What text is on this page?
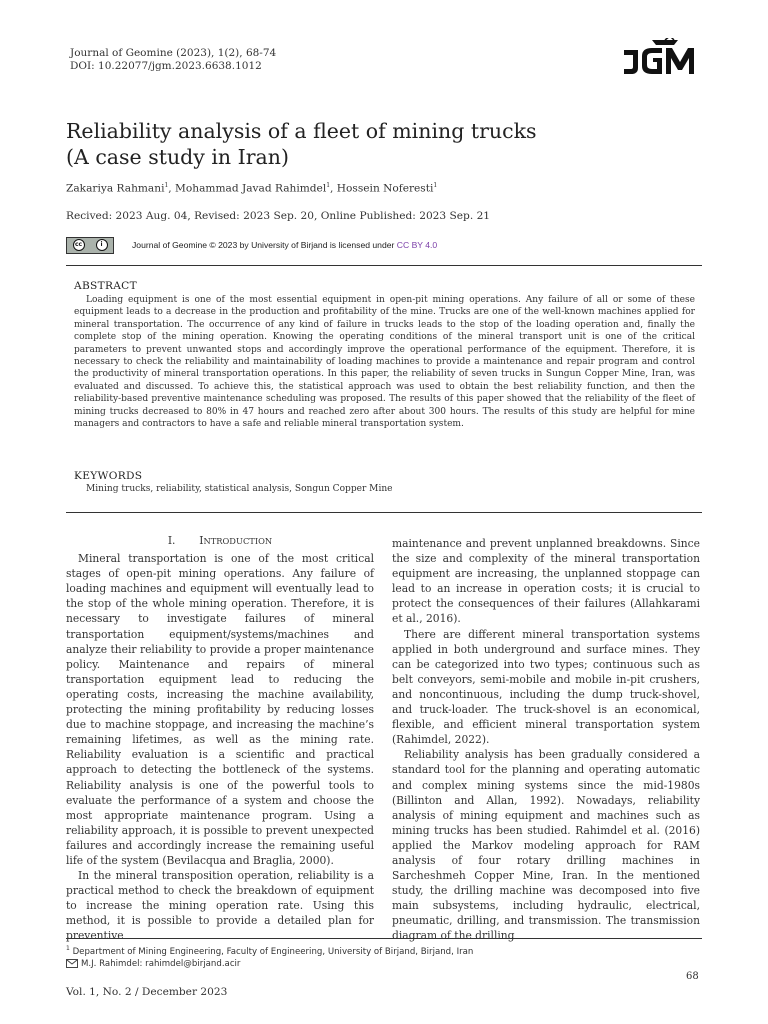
Journal of Geomine (2023), 1(2), 68-74
DOI: 10.22077/jgm.2023.6638.1012
Reliability analysis of a fleet of mining trucks
(A case study in Iran)
Zakariya Rahmani$^1$, Mohammad Javad Rahimdel$^1$, Hossein Noferesti$^1$
Recived: 2023 Aug. 04, Revised: 2023 Sep. 20, Online Published: 2023 Sep. 21
cc	i	Journal of Geomine © 2023 by University of Birjand is licensed under CC BY 4.0
ABSTRACT
Loading equipment is one of the most essential equipment in open-pit mining operations. Any failure of all or some of these equipment leads to a decrease in the production and profitability of the mine. Trucks are one of the well-known machines applied for mineral transportation. The occurrence of any kind of failure in trucks leads to the stop of the loading operation and, finally the complete stop of the mining operation. Knowing the operating conditions of the mineral transport unit is one of the critical parameters to prevent unwanted stops and accordingly improve the operational performance of the equipment. Therefore, it is necessary to check the reliability and maintainability of loading machines to provide a maintenance and repair program and control the productivity of mineral transportation operations. In this paper, the reliability of seven trucks in Sungun Copper Mine, Iran, was evaluated and discussed. To achieve this, the statistical approach was used to obtain the best reliability function, and then the reliability-based preventive maintenance scheduling was proposed. The results of this paper showed that the reliability of the fleet of mining trucks decreased to 80% in 47 hours and reached zero after about 300 hours. The results of this study are helpful for mine managers and contractors to have a safe and reliable mineral transportation system.
KEYWORDS
Mining trucks, reliability, statistical analysis, Songun Copper Mine

I. INTRODUCTION

Mineral transportation is one of the most critical stages of open-pit mining operations. Any failure of loading machines and equipment will eventually lead to the stop of the whole mining operation. Therefore, it is necessary to investigate failures of mineral transportation equipment/systems/machines and analyze their reliability to provide a proper maintenance policy. Maintenance and repairs of mineral transportation equipment lead to reducing the operating costs, increasing the machine availability, protecting the mining profitability by reducing losses due to machine stoppage, and increasing the machine’s remaining lifetimes, as well as the mining rate. Reliability evaluation is a scientific and practical approach to detecting the bottleneck of the systems. Reliability analysis is one of the powerful tools to evaluate the performance of a system and choose the most appropriate maintenance program. Using a reliability approach, it is possible to prevent unexpected failures and accordingly increase the remaining useful life of the system (Bevilacqua and Braglia, 2000).

In the mineral transposition operation, reliability is a practical method to check the breakdown of equipment to increase the mining operation rate. Using this method, it is possible to provide a detailed plan for preventive

maintenance and prevent unplanned breakdowns. Since the size and complexity of the mineral transportation equipment are increasing, the unplanned stoppage can lead to an increase in operation costs; it is crucial to protect the consequences of their failures (Allahkarami et al., 2016).

There are different mineral transportation systems applied in both underground and surface mines. They can be categorized into two types; continuous such as belt conveyors, semi-mobile and mobile in-pit crushers, and noncontinuous, including the dump truck-shovel, and truck-loader. The truck-shovel is an economical, flexible, and efficient mineral transportation system (Rahimdel, 2022).

Reliability analysis has been gradually considered a standard tool for the planning and operating automatic and complex mining systems since the mid-1980s (Billinton and Allan, 1992). Nowadays, reliability analysis of mining equipment and machines such as mining trucks has been studied. Rahimdel et al. (2016) applied the Markov modeling approach for RAM analysis of four rotary drilling machines in Sarcheshmeh Copper Mine, Iran. In the mentioned study, the drilling machine was decomposed into five main subsystems, including hydraulic, electrical, pneumatic, drilling, and transmission. The transmission diagram of the drilling

$^1$ Department of Mining Engineering, Faculty of Engineering, University of Birjand, Birjand, Iran
M.J. Rahimdel: rahimdel@birjand.acir
68
Vol. 1, No. 2 / December 2023
